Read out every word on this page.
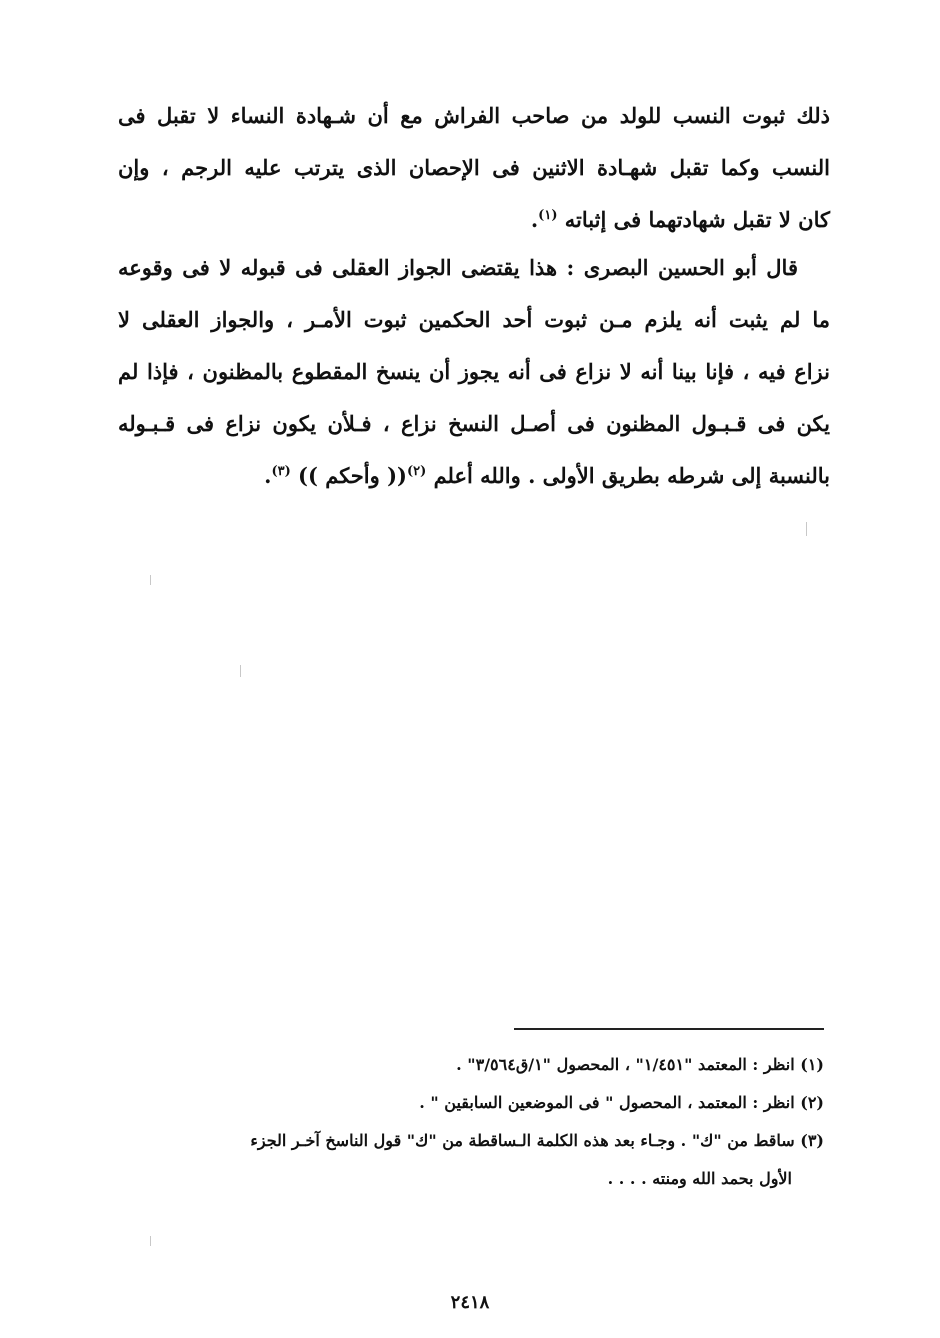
ذلك ثبوت النسب للولد من صاحب الفراش مع أن شـهادة النساء لا تقبل فى
النسب وكما تقبل شهـادة الاثنين فى الإحصان الذى يترتب عليه الرجم ، وإن
كان لا تقبل شهادتهما فى إثباته $^{(١)}$.
قال أبو الحسين البصرى : هذا يقتضى الجواز العقلى فى قبوله لا فى وقوعه
ما لم يثبت أنه يلزم مـن ثبوت أحد الحكمين ثبوت الأمـر ، والجواز العقلى لا
نزاع فيه ، فإنا بينا أنه لا نزاع فى أنه يجوز أن ينسخ المقطوع بالمظنون ، فإذا لم
يكن فى قـبـول المظنون فى أصـل النسخ نزاع ، فـلأن يكون نزاع فى قـبـوله
بالنسبة إلى شرطه بطريق الأولى . والله أعلم $^{(٢)}$(( وأحكم )) $^{(٣)}$.
(١) انظر : المعتمد "١/٤٥١" ، المحصول "١/ق٣/٥٦٤" .
(٢) انظر : المعتمد ، المحصول " فى الموضعين السابقين " .
(٣) ساقط من "ك" . وجـاء بعد هذه الكلمة الـساقطة من "ك" قول الناسخ آخـر الجزء
الأول بحمد الله ومنته . . . .
٢٤١٨
